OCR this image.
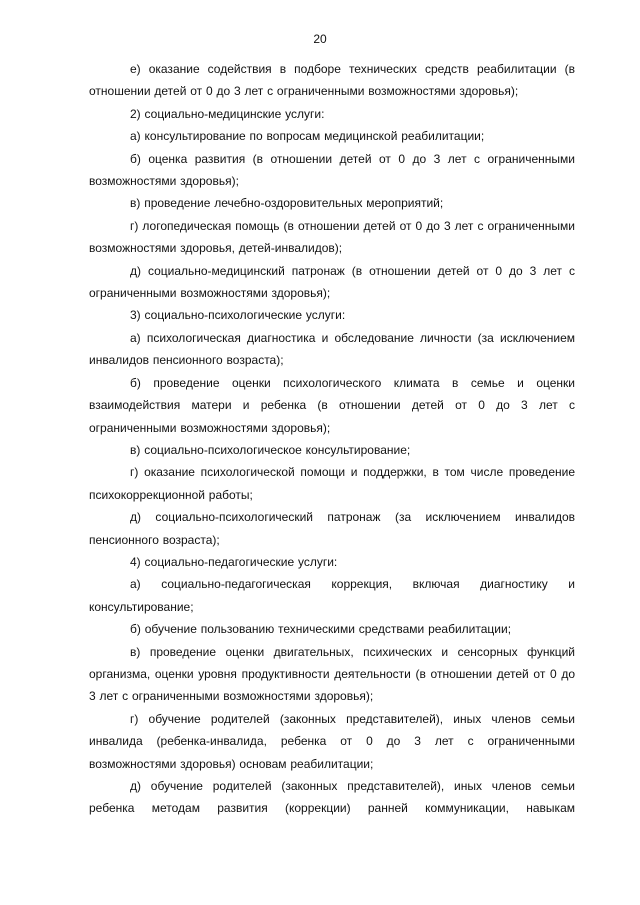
20

е) оказание содействия в подборе технических средств реабилитации (в отношении детей от 0 до 3 лет с ограниченными возможностями здоровья);

2) социально-медицинские услуги:

а) консультирование по вопросам медицинской реабилитации;

б) оценка развития (в отношении детей от 0 до 3 лет с ограниченными возможностями здоровья);

в) проведение лечебно-оздоровительных мероприятий;

г) логопедическая помощь (в отношении детей от 0 до 3 лет с ограниченными возможностями здоровья, детей-инвалидов);

д) социально-медицинский патронаж (в отношении детей от 0 до 3 лет с ограниченными возможностями здоровья);

3) социально-психологические услуги:

а) психологическая диагностика и обследование личности (за исключением инвалидов пенсионного возраста);

б) проведение оценки психологического климата в семье и оценки взаимодействия матери и ребенка (в отношении детей от 0 до 3 лет с ограниченными возможностями здоровья);

в) социально-психологическое консультирование;

г) оказание психологической помощи и поддержки, в том числе проведение психокоррекционной работы;

д) социально-психологический патронаж (за исключением инвалидов пенсионного возраста);

4) социально-педагогические услуги:

а) социально-педагогическая коррекция, включая диагностику и консультирование;

б) обучение пользованию техническими средствами реабилитации;

в) проведение оценки двигательных, психических и сенсорных функций организма, оценки уровня продуктивности деятельности (в отношении детей от 0 до 3 лет с ограниченными возможностями здоровья);

г) обучение родителей (законных представителей), иных членов семьи инвалида (ребенка-инвалида, ребенка от 0 до 3 лет с ограниченными возможностями здоровья) основам реабилитации;

д) обучение родителей (законных представителей), иных членов семьи ребенка методам развития (коррекции) ранней коммуникации, навыкам
